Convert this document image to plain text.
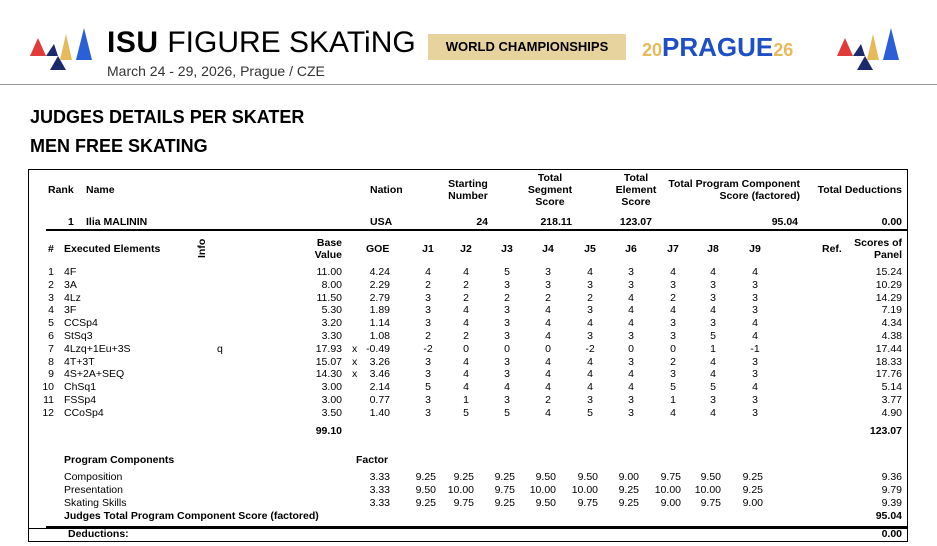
ISU FIGURE SKATiNG	WORLD CHAMPIONSHIPS	20PRAGUE26
March 24 - 29, 2026, Prague / CZE
JUDGES DETAILS PER SKATER
MEN FREE SKATING
Rank Name	Nation	Starting Number
Total Segment Score
Total Element Score
Total Program Component Score (factored)	Total Deductions
1 Ilia MALININ	USA	24	218.11	123.07	95.04	0.00
# Executed Elements	Info	Base Value GOE	J1	J2	J3	J4	J5	J6	J7	J8	J9	Ref.	Scores of Panel
1 4F	11.00	4.24	4	4	5	3	4	3	4	4	4	15.24
2 3A	8.00	2.29	2	2	3	3	3	3	3	3	3	10.29
3 4Lz	11.50	2.79	3	2	2	2	2	4	2	3	3	14.29
4 3F	5.30	1.89	3	4	3	4	3	4	4	4	3	7.19
5 CCSp4	3.20	1.14	3	4	3	4	4	4	3	3	4	4.34
6 StSq3	3.30	1.08	2	2	3	4	3	3	3	5	4	4.38
7 4Lzq+1Eu+3S	q	17.93 x -0.49	-2	0	0	0	-2	0	0	1	-1	17.44
8 4T+3T	15.07 x	3.26	3	4	3	4	4	3	2	4	3	18.33
9 4S+2A+SEQ	14.30 x	3.46	3	4	3	4	4	4	3	4	3	17.76
10 ChSq1	3.00	2.14	5	4	4	4	4	4	5	5	4	5.14
11 FSSp4	3.00	0.77	3	1	3	2	3	3	1	3	3	3.77
12 CCoSp4	3.50	1.40	3	5	5	4	5	3	4	4	3	4.90
99.10	123.07
Program Components	Factor
Composition	3.33	9.25	9.25	9.25	9.50	9.50	9.00	9.75	9.50	9.25	9.36
Presentation	3.33	9.50	10.00	9.75	10.00	10.00	9.25	10.00	10.00	9.25	9.79
Skating Skills	3.33	9.25	9.75	9.25	9.50	9.75	9.25	9.00	9.75	9.00	9.39
Judges Total Program Component Score (factored)	95.04
Deductions:	0.00
